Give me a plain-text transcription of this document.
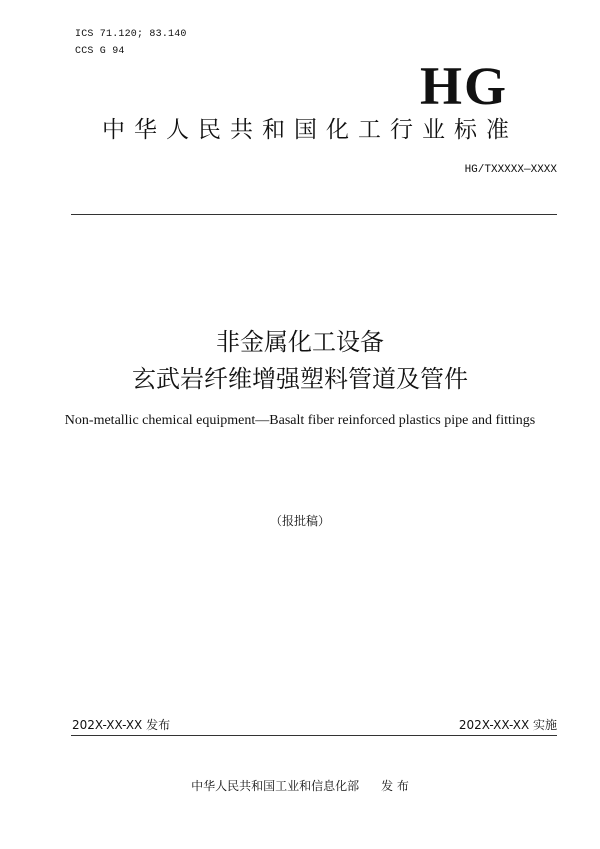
ICS 71.120; 83.140
CCS G 94
HG
中华人民共和国化工行业标准
HG/TXXXXX—XXXX
非金属化工设备
玄武岩纤维增强塑料管道及管件
Non-metallic chemical equipment—Basalt fiber reinforced plastics pipe and fittings
（报批稿）
202X-XX-XX 发布	202X-XX-XX 实施
中华人民共和国工业和信息化部 发 布
